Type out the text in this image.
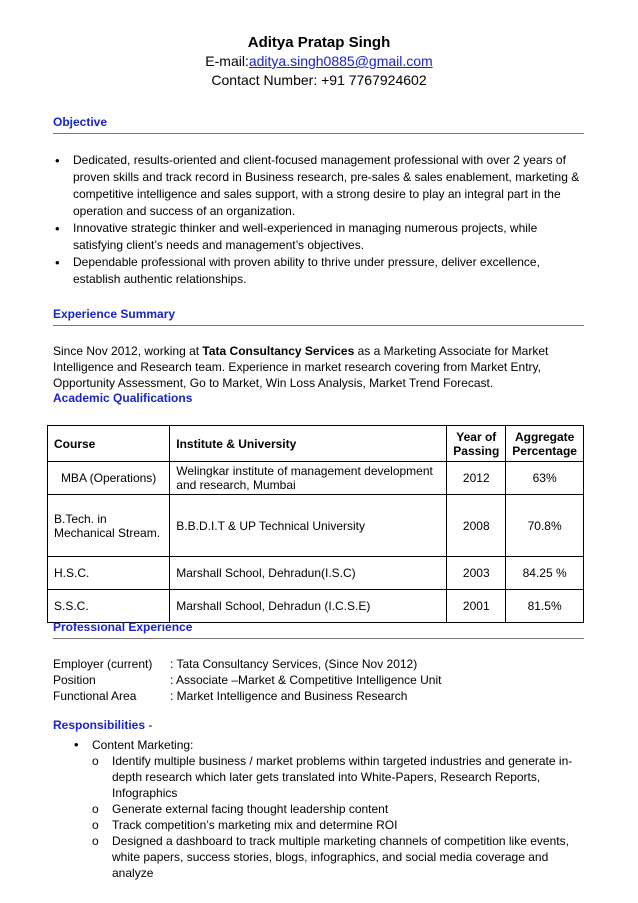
Aditya Pratap Singh
E-mail:aditya.singh0885@gmail.com
Contact Number: +91 7767924602
Objective
• Dedicated, results-oriented and client-focused management professional with over 2 years of proven skills and track record in Business research, pre-sales & sales enablement, marketing & competitive intelligence and sales support, with a strong desire to play an integral part in the operation and success of an organization.
• Innovative strategic thinker and well-experienced in managing numerous projects, while satisfying client’s needs and management’s objectives.
• Dependable professional with proven ability to thrive under pressure, deliver excellence, establish authentic relationships.
Experience Summary
Since Nov 2012, working at Tata Consultancy Services as a Marketing Associate for Market Intelligence and Research team. Experience in market research covering from Market Entry, Opportunity Assessment, Go to Market, Win Loss Analysis, Market Trend Forecast.
Academic Qualifications
Course	Institute & University	Year of Passing	Aggregate Percentage
MBA (Operations)	Welingkar institute of management development and research, Mumbai	2012	63%
B.Tech. in Mechanical Stream.	B.B.D.I.T & UP Technical University	2008	70.8%
H.S.C.	Marshall School, Dehradun(I.S.C)	2003	84.25 %
S.S.C.	Marshall School, Dehradun (I.C.S.E)	2001	81.5%
Professional Experience
Employer (current) : Tata Consultancy Services, (Since Nov 2012)
Position	: Associate –Market & Competitive Intelligence Unit
Functional Area	: Market Intelligence and Business Research
Responsibilities -
• Content Marketing:
o Identify multiple business / market problems within targeted industries and generate in-depth research which later gets translated into White-Papers, Research Reports, Infographics
o Generate external facing thought leadership content
o Track competition’s marketing mix and determine ROI
o Designed a dashboard to track multiple marketing channels of competition like events, white papers, success stories, blogs, infographics, and social media coverage and analyze
